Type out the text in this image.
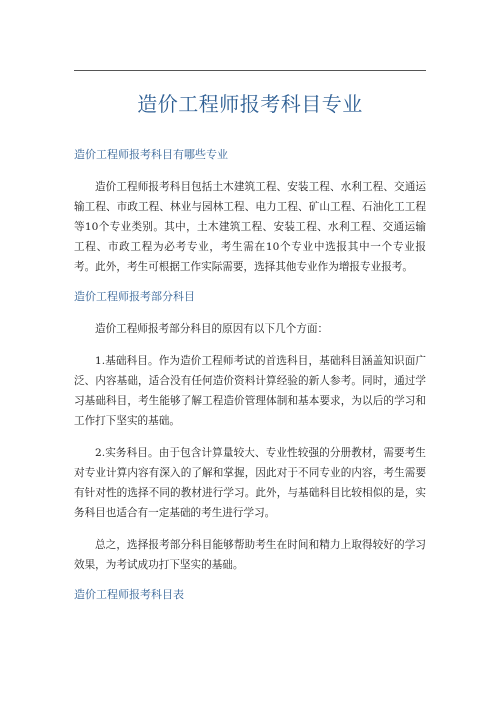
造价工程师报考科目专业

造价工程师报考科目有哪些专业

造价工程师报考科目包括土木建筑工程、安装工程、水利工程、交通运输工程、市政工程、林业与园林工程、电力工程、矿山工程、石油化工工程等10个专业类别。其中，土木建筑工程、安装工程、水利工程、交通运输工程、市政工程为必考专业，考生需在10个专业中选报其中一个专业报考。此外，考生可根据工作实际需要，选择其他专业作为增报专业报考。

造价工程师报考部分科目

造价工程师报考部分科目的原因有以下几个方面：

1.基础科目。作为造价工程师考试的首选科目，基础科目涵盖知识面广泛、内容基础，适合没有任何造价资料计算经验的新人参考。同时，通过学习基础科目，考生能够了解工程造价管理体制和基本要求，为以后的学习和工作打下坚实的基础。

2.实务科目。由于包含计算量较大、专业性较强的分册教材，需要考生对专业计算内容有深入的了解和掌握，因此对于不同专业的内容，考生需要有针对性的选择不同的教材进行学习。此外，与基础科目比较相似的是，实务科目也适合有一定基础的考生进行学习。

总之，选择报考部分科目能够帮助考生在时间和精力上取得较好的学习效果，为考试成功打下坚实的基础。

造价工程师报考科目表
